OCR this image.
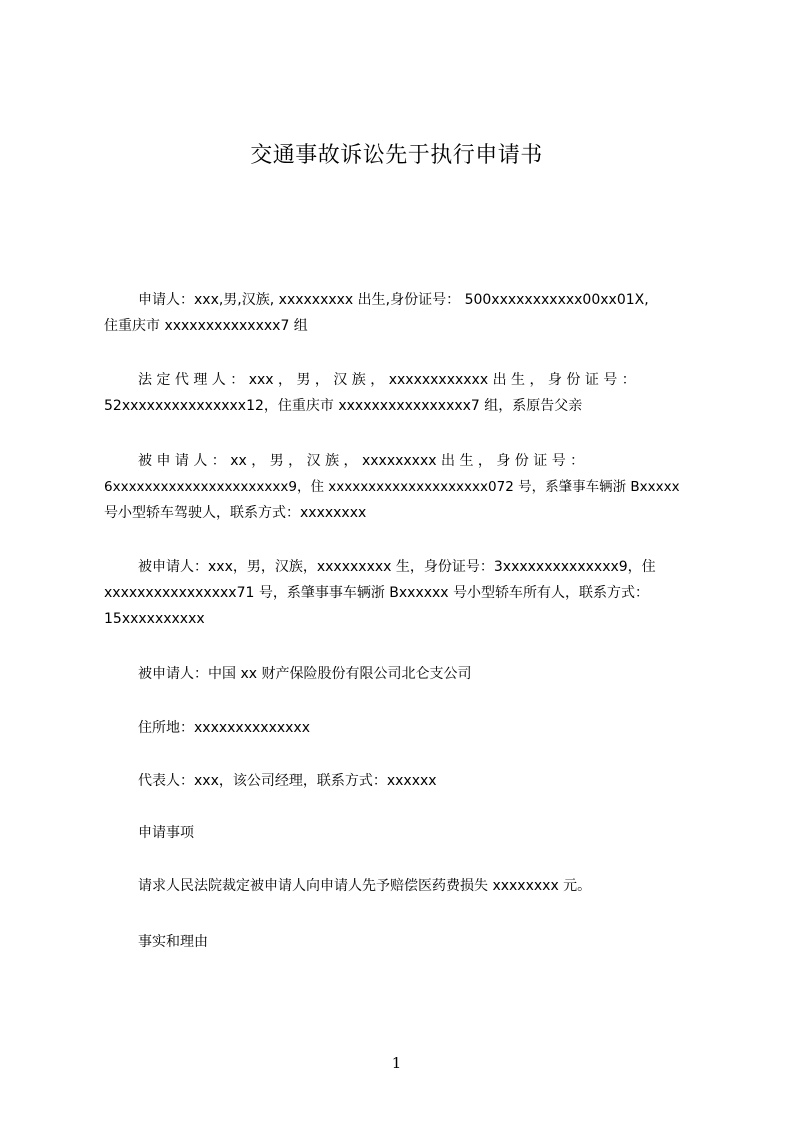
交通事故诉讼先于执行申请书
申请人：xxx,男,汉族, xxxxxxxxx 出生,身份证号： 500xxxxxxxxxxx00xx01X,
住重庆市 xxxxxxxxxxxxxx7 组
法 定 代 理 人 ： xxx ， 男 ， 汉 族 ， xxxxxxxxxxxx 出 生 ， 身 份 证 号 ：
52xxxxxxxxxxxxxxx12，住重庆市 xxxxxxxxxxxxxxxx7 组，系原告父亲
被 申 请 人 ： xx ， 男 ， 汉 族 ， xxxxxxxxx 出 生 ， 身 份 证 号 ：
6xxxxxxxxxxxxxxxxxxxxxx9，住 xxxxxxxxxxxxxxxxxxxx072 号，系肇事车辆浙 Bxxxxx
号小型轿车驾驶人，联系方式：xxxxxxxx
被申请人：xxx，男，汉族，xxxxxxxxx 生，身份证号：3xxxxxxxxxxxxxx9，住
xxxxxxxxxxxxxxxx71 号，系肇事事车辆浙 Bxxxxxx 号小型轿车所有人，联系方式：
15xxxxxxxxxx
被申请人：中国 xx 财产保险股份有限公司北仑支公司
住所地：xxxxxxxxxxxxxx
代表人：xxx，该公司经理，联系方式：xxxxxx
申请事项
请求人民法院裁定被申请人向申请人先予赔偿医药费损失 xxxxxxxx 元。
事实和理由
1
